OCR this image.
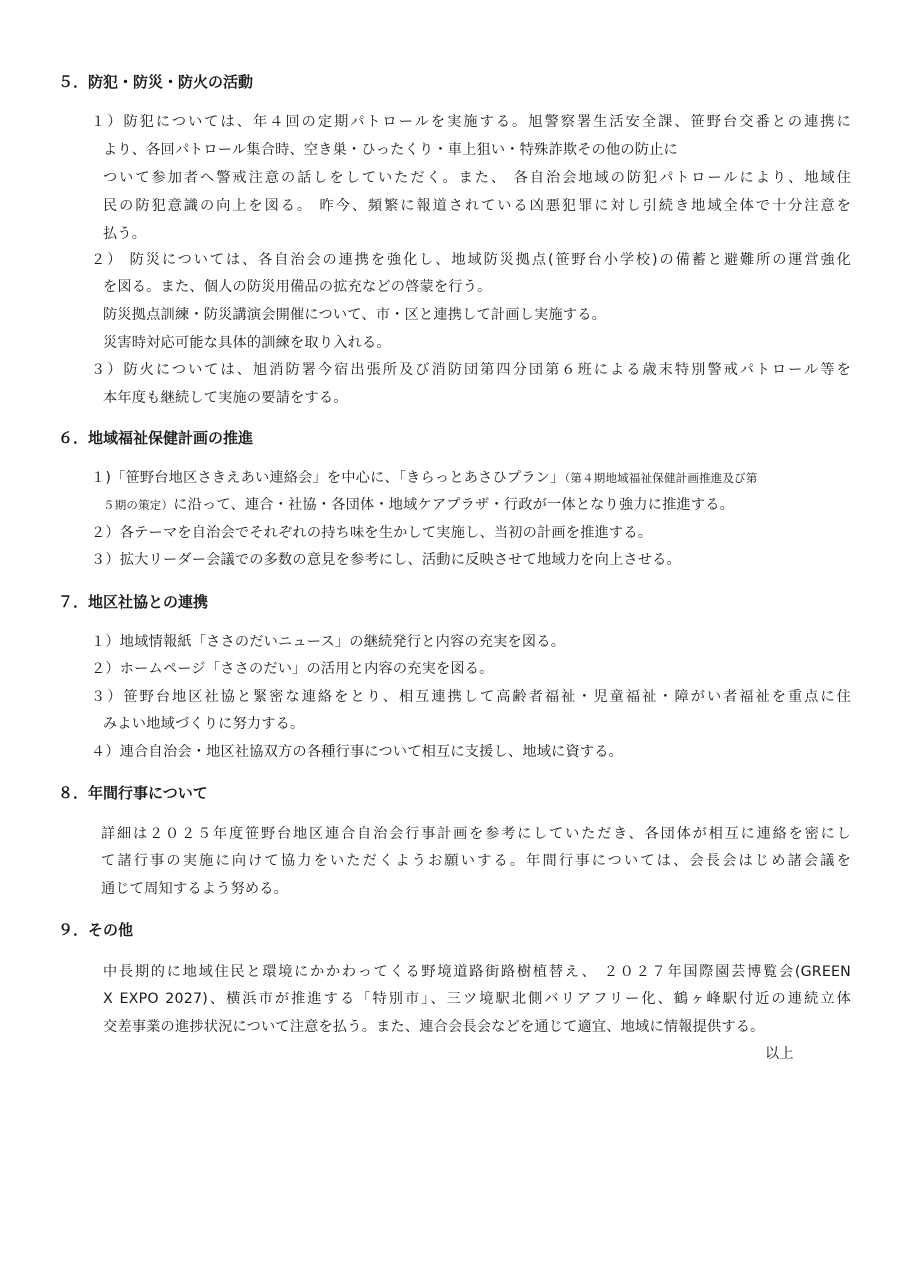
５．防犯・防災・防火の活動
１）防犯については、年４回の定期パトロールを実施する。旭警察署生活安全課、笹野台交番との連携に
より、各回パトロール集合時、空き巣・ひったくり・車上狙い・特殊詐欺その他の防止に
ついて参加者へ警戒注意の話しをしていただく。また、 各自治会地域の防犯パトロールにより、地域住
民の防犯意識の向上を図る。 昨今、頻繁に報道されている凶悪犯罪に対し引続き地域全体で十分注意を
払う。
２） 防災については、各自治会の連携を強化し、地域防災拠点(笹野台小学校)の備蓄と避難所の運営強化
を図る。また、個人の防災用備品の拡充などの啓蒙を行う。
防災拠点訓練・防災講演会開催について、市・区と連携して計画し実施する。
災害時対応可能な具体的訓練を取り入れる。
３）防火については、旭消防署今宿出張所及び消防団第四分団第６班による歳末特別警戒パトロール等を
本年度も継続して実施の要請をする。
６．地域福祉保健計画の推進
１)「笹野台地区さきえあい連絡会」を中心に、「きらっとあさひプラン」（第４期地域福祉保健計画推進及び第
５期の策定）に沿って、連合・社協・各団体・地域ケアプラザ・行政が一体となり強力に推進する。
２）各テーマを自治会でそれぞれの持ち味を生かして実施し、当初の計画を推進する。
３）拡大リーダー会議での多数の意見を参考にし、活動に反映させて地域力を向上させる。
７．地区社協との連携
１）地域情報紙「ささのだいニュース」の継続発行と内容の充実を図る。
２）ホームページ「ささのだい」の活用と内容の充実を図る。
３）笹野台地区社協と緊密な連絡をとり、相互連携して高齢者福祉・児童福祉・障がい者福祉を重点に住
みよい地域づくりに努力する。
４）連合自治会・地区社協双方の各種行事について相互に支援し、地域に資する。
８．年間行事について
詳細は２０２５年度笹野台地区連合自治会行事計画を参考にしていただき、各団体が相互に連絡を密にし
て諸行事の実施に向けて協力をいただくようお願いする。年間行事については、会長会はじめ諸会議を
通じて周知するよう努める。
９．その他
中長期的に地域住民と環境にかかわってくる野境道路街路樹植替え、 ２０２７年国際園芸博覧会(GREEN
X EXPO 2027)、横浜市が推進する「特別市」、三ツ境駅北側バリアフリー化、鶴ヶ峰駅付近の連続立体
交差事業の進捗状況について注意を払う。また、連合会長会などを通じて適宜、地域に情報提供する。
以上
